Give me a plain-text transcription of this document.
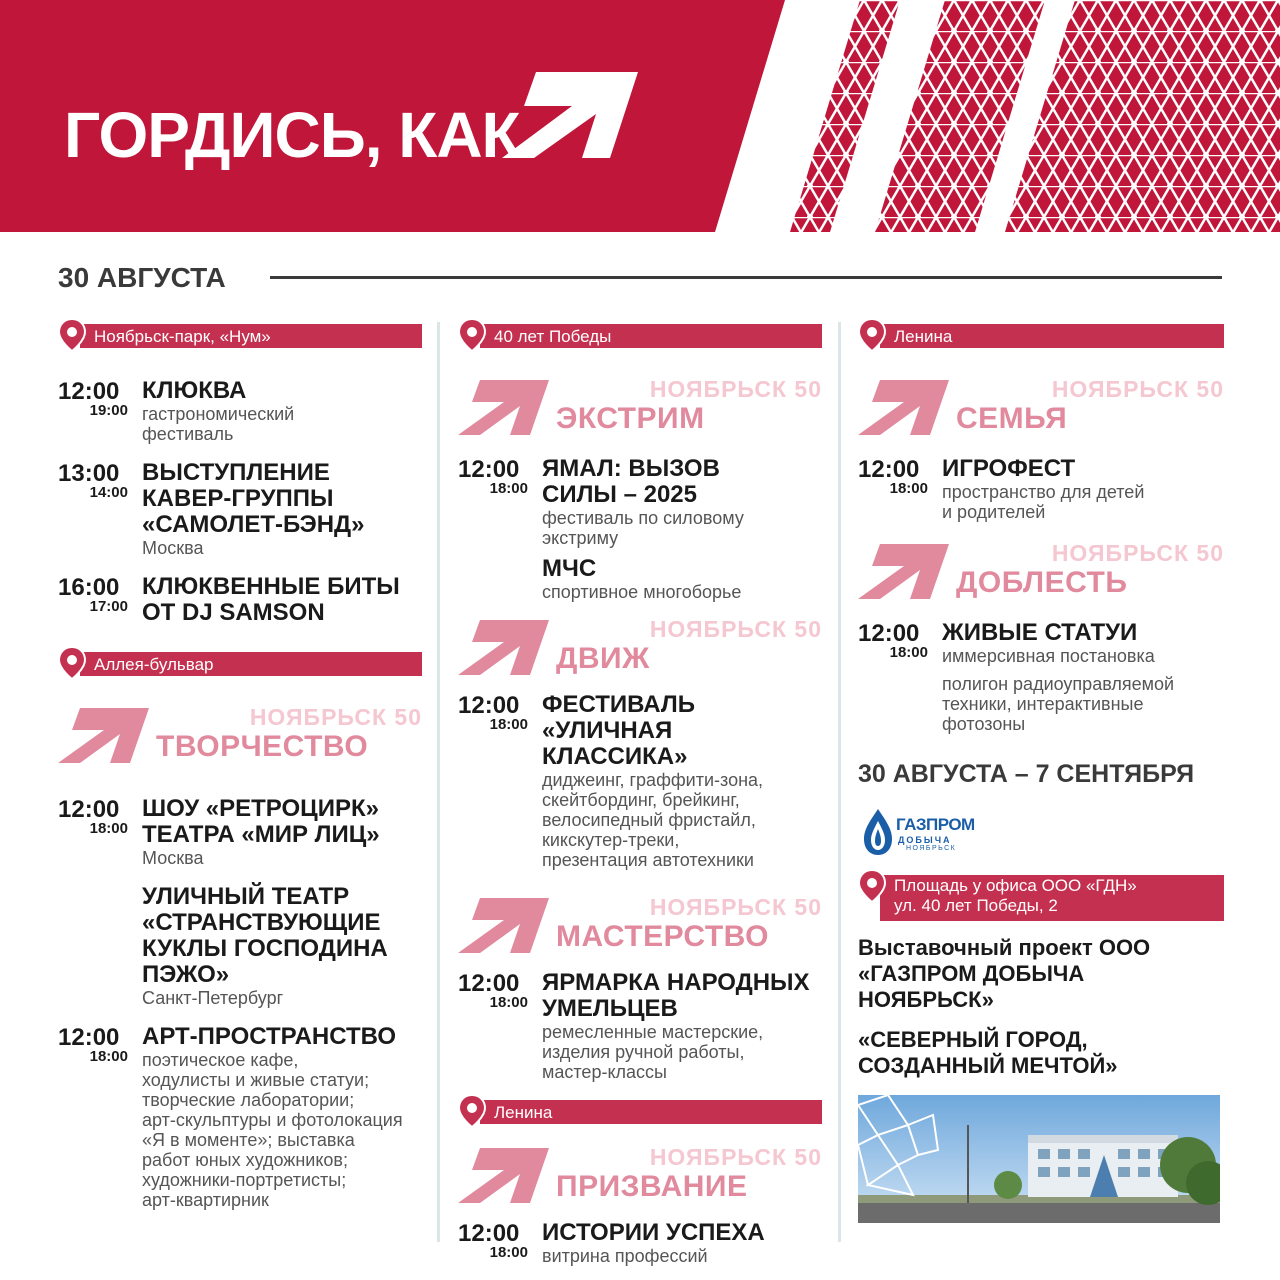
ГОРДИСЬ, КАК
30 АВГУСТА
Ноябрьск-парк, «Нум»
12:00
19:00
КЛЮКВА
гастрономический
фестиваль
13:00
14:00
ВЫСТУПЛЕНИЕ КАВЕР-ГРУППЫ «САМОЛЕТ-БЭНД»
Москва
16:00
17:00
КЛЮКВЕННЫЕ БИТЫ ОТ DJ SAMSON
Аллея-бульвар
НОЯБРЬСК 50
ТВОРЧЕСТВО
12:00
18:00
ШОУ «РЕТРОЦИРК» ТЕАТРА «МИР ЛИЦ»
Москва
УЛИЧНЫЙ ТЕАТР «СТРАНСТВУЮЩИЕ КУКЛЫ ГОСПОДИНА ПЭЖО»
Санкт-Петербург
12:00
18:00
АРТ-ПРОСТРАНСТВО
поэтическое кафе,
ходулисты и живые статуи;
творческие лаборатории;
арт-скульптуры и фотолокация
«Я в моменте»; выставка
работ юных художников;
художники-портретисты;
арт-квартирник
40 лет Победы
НОЯБРЬСК 50
ЭКСТРИМ
12:00
18:00
ЯМАЛ: ВЫЗОВ СИЛЫ – 2025
фестиваль по силовому
экстриму
МЧС
спортивное многоборье
НОЯБРЬСК 50
ДВИЖ
12:00
18:00
ФЕСТИВАЛЬ «УЛИЧНАЯ КЛАССИКА»
диджеинг, граффити-зона,
скейтбординг, брейкинг,
велосипедный фристайл,
кикскутер-треки,
презентация автотехники
НОЯБРЬСК 50
МАСТЕРСТВО
12:00
18:00
ЯРМАРКА НАРОДНЫХ УМЕЛЬЦЕВ
ремесленные мастерские,
изделия ручной работы,
мастер-классы
Ленина
НОЯБРЬСК 50
ПРИЗВАНИЕ
12:00
18:00
ИСТОРИИ УСПЕХА
витрина профессий
Ленина
НОЯБРЬСК 50
СЕМЬЯ
12:00
18:00
ИГРОФЕСТ
пространство для детей
и родителей
НОЯБРЬСК 50
ДОБЛЕСТЬ
12:00
18:00
ЖИВЫЕ СТАТУИ
иммерсивная постановка
полигон радиоуправляемой
техники, интерактивные
фотозоны
30 АВГУСТА – 7 СЕНТЯБРЯ
ГАЗПРОМ
ДОБЫЧА
НОЯБРЬСК
Площадь у офиса ООО «ГДН»
ул. 40 лет Победы, 2
Выставочный проект ООО «ГАЗПРОМ ДОБЫЧА НОЯБРЬСК»
«СЕВЕРНЫЙ ГОРОД, СОЗДАННЫЙ МЕЧТОЙ»
